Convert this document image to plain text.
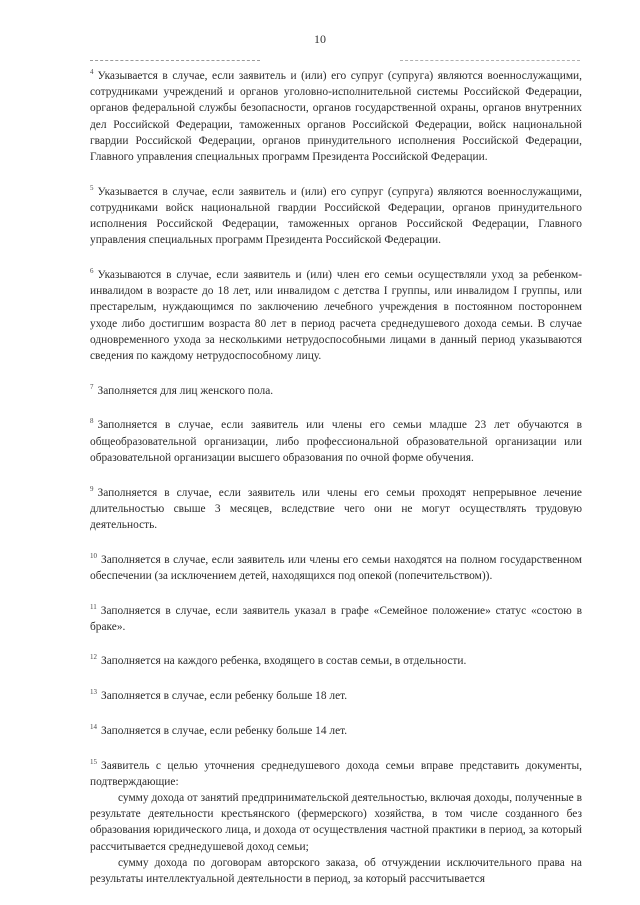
10
$^4$ Указывается в случае, если заявитель и (или) его супруг (супруга) являются военнослужащими, сотрудниками учреждений и органов уголовно-исполнительной системы Российской Федерации, органов федеральной службы безопасности, органов государственной охраны, органов внутренних дел Российской Федерации, таможенных органов Российской Федерации, войск национальной гвардии Российской Федерации, органов принудительного исполнения Российской Федерации, Главного управления специальных программ Президента Российской Федерации.
$^5$ Указывается в случае, если заявитель и (или) его супруг (супруга) являются военнослужащими, сотрудниками войск национальной гвардии Российской Федерации, органов принудительного исполнения Российской Федерации, таможенных органов Российской Федерации, Главного управления специальных программ Президента Российской Федерации.
$^6$ Указываются в случае, если заявитель и (или) член его семьи осуществляли уход за ребенком-инвалидом в возрасте до 18 лет, или инвалидом с детства I группы, или инвалидом I группы, или престарелым, нуждающимся по заключению лечебного учреждения в постоянном постороннем уходе либо достигшим возраста 80 лет в период расчета среднедушевого дохода семьи. В случае одновременного ухода за несколькими нетрудоспособными лицами в данный период указываются сведения по каждому нетрудоспособному лицу.
$^7$ Заполняется для лиц женского пола.
$^8$ Заполняется в случае, если заявитель или члены его семьи младше 23 лет обучаются в общеобразовательной организации, либо профессиональной образовательной организации или образовательной организации высшего образования по очной форме обучения.
$^9$ Заполняется в случае, если заявитель или члены его семьи проходят непрерывное лечение длительностью свыше 3 месяцев, вследствие чего они не могут осуществлять трудовую деятельность.
$^{10}$ Заполняется в случае, если заявитель или члены его семьи находятся на полном государственном обеспечении (за исключением детей, находящихся под опекой (попечительством)).
$^{11}$ Заполняется в случае, если заявитель указал в графе «Семейное положение» статус «состою в браке».
$^{12}$ Заполняется на каждого ребенка, входящего в состав семьи, в отдельности.
$^{13}$ Заполняется в случае, если ребенку больше 18 лет.
$^{14}$ Заполняется в случае, если ребенку больше 14 лет.
$^{15}$ Заявитель с целью уточнения среднедушевого дохода семьи вправе представить документы, подтверждающие:
сумму дохода от занятий предпринимательской деятельностью, включая доходы, полученные в результате деятельности крестьянского (фермерского) хозяйства, в том числе созданного без образования юридического лица, и дохода от осуществления частной практики в период, за который рассчитывается среднедушевой доход семьи;
сумму дохода по договорам авторского заказа, об отчуждении исключительного права на результаты интеллектуальной деятельности в период, за который рассчитывается
